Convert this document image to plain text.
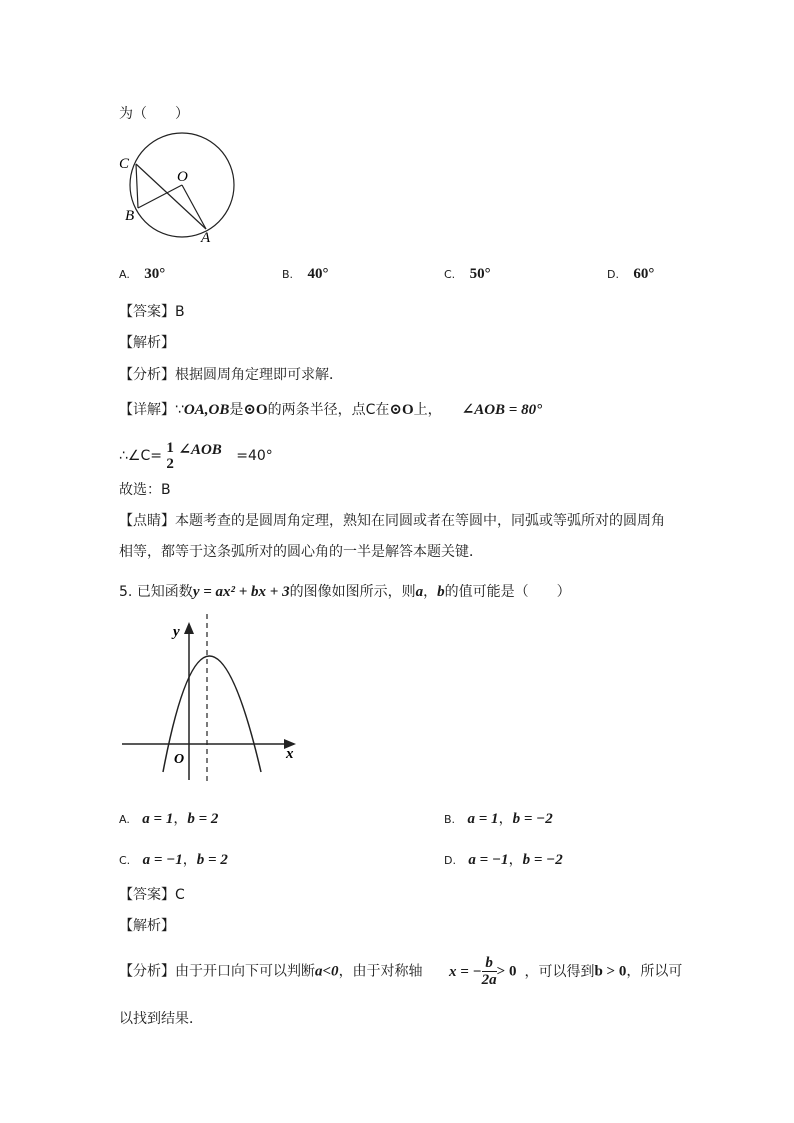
为（　　）
C
O
B
A
A. 30°	B. 40°	C. 50°	D. 60°
【答案】B
【解析】
【分析】根据圆周角定理即可求解．
【详解】∵OA,OB是⊙O的两条半径，点C在⊙O上， ∠AOB = 80°
∴∠C= 1
2
∠AOB =40°
故选：B
【点睛】本题考查的是圆周角定理，熟知在同圆或者在等圆中，同弧或等弧所对的圆周角
相等，都等于这条弧所对的圆心角的一半是解答本题关键．
5. 已知函数y = ax² + bx + 3的图像如图所示，则a，b的值可能是（　　）
y
x
O
A. a = 1，b = 2	B. a = 1，b = −2
C. a = −1，b = 2	D. a = −1，b = −2
【答案】C
【解析】
【分析】由于开口向下可以判断a<0，由于对称轴 x = − $\frac{b}{2a} > 0$ ，可以得到b > 0，所以可
以找到结果．
